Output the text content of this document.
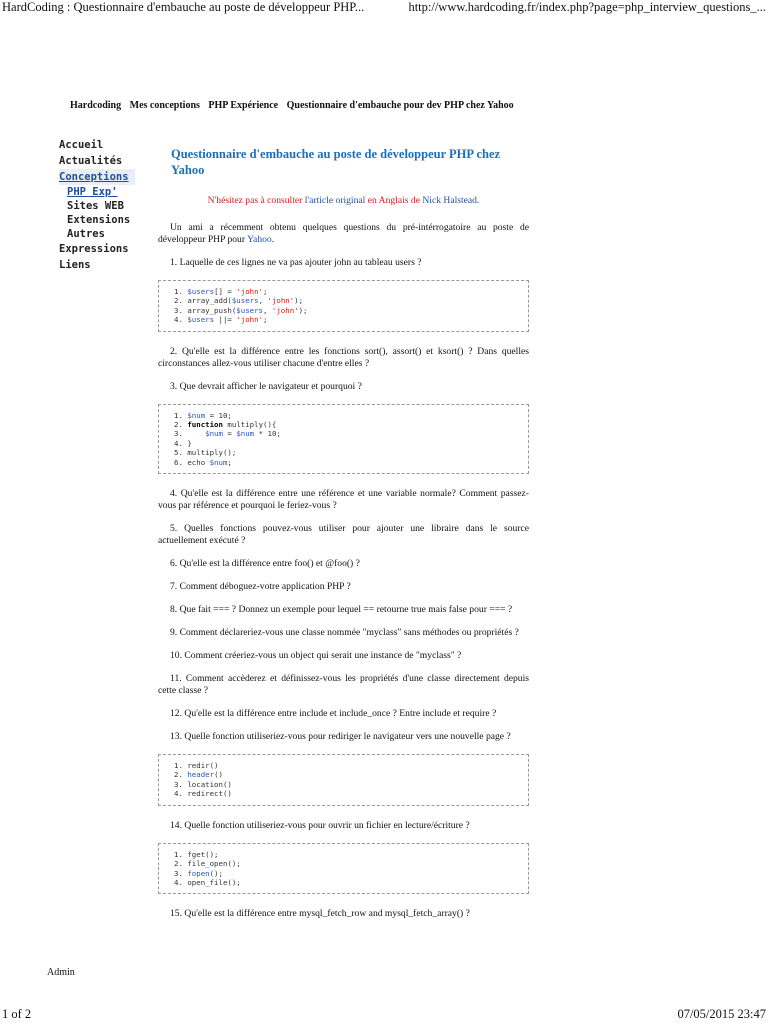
HardCoding : Questionnaire d'embauche au poste de développeur PHP...	http://www.hardcoding.fr/index.php?page=php_interview_questions_...
Hardcoding Mes conceptions PHP Expérience Questionnaire d'embauche pour dev PHP chez Yahoo
Accueil
Actualités
Conceptions
PHP Exp'
Sites WEB
Extensions
Autres
Expressions
Liens
Questionnaire d'embauche au poste de développeur PHP chez Yahoo
N'hésitez pas à consulter l'article original en Anglais de Nick Halstead.
Un ami a récemment obtenu quelques questions du pré-intérrogatoire au poste de développeur PHP pour Yahoo.
1. Laquelle de ces lignes ne va pas ajouter john au tableau users ?
1. $users[] = 'john';
2. array_add($users, 'john');
3. array_push($users, 'john');
4. $users ||= 'john';
2. Qu'elle est la différence entre les fonctions sort(), assort() et ksort() ? Dans quelles circonstances allez-vous utiliser chacune d'entre elles ?
3. Que devrait afficher le navigateur et pourquoi ?
1. $num = 10;
2. function multiply(){
3.     $num = $num * 10;
4. }
5. multiply();
6. echo $num;
4. Qu'elle est la différence entre une référence et une variable normale? Comment passez-vous par référence et pourquoi le feriez-vous ?
5. Quelles fonctions pouvez-vous utiliser pour ajouter une libraire dans le source actuellement exécuté ?
6. Qu'elle est la différence entre foo() et @foo() ?
7. Comment déboguez-votre application PHP ?
8. Que fait === ? Donnez un exemple pour lequel == retourne true mais false pour === ?
9. Comment déclareriez-vous une classe nommée "myclass" sans méthodes ou propriétés ?
10. Comment créeriez-vous un object qui serait une instance de "myclass" ?
11. Comment accèderez et définissez-vous les propriétés d'une classe directement depuis cette classe ?
12. Qu'elle est la différence entre include et include_once ? Entre include et require ?
13. Quelle fonction utiliseriez-vous pour rediriger le navigateur vers une nouvelle page ?
1. redir()
2. header()
3. location()
4. redirect()
14. Quelle fonction utiliseriez-vous pour ouvrir un fichier en lecture/écriture ?
1. fget();
2. file_open();
3. fopen();
4. open_file();
15. Qu'elle est la différence entre mysql_fetch_row and mysql_fetch_array() ?
Admin
1 of 2	07/05/2015 23:47
